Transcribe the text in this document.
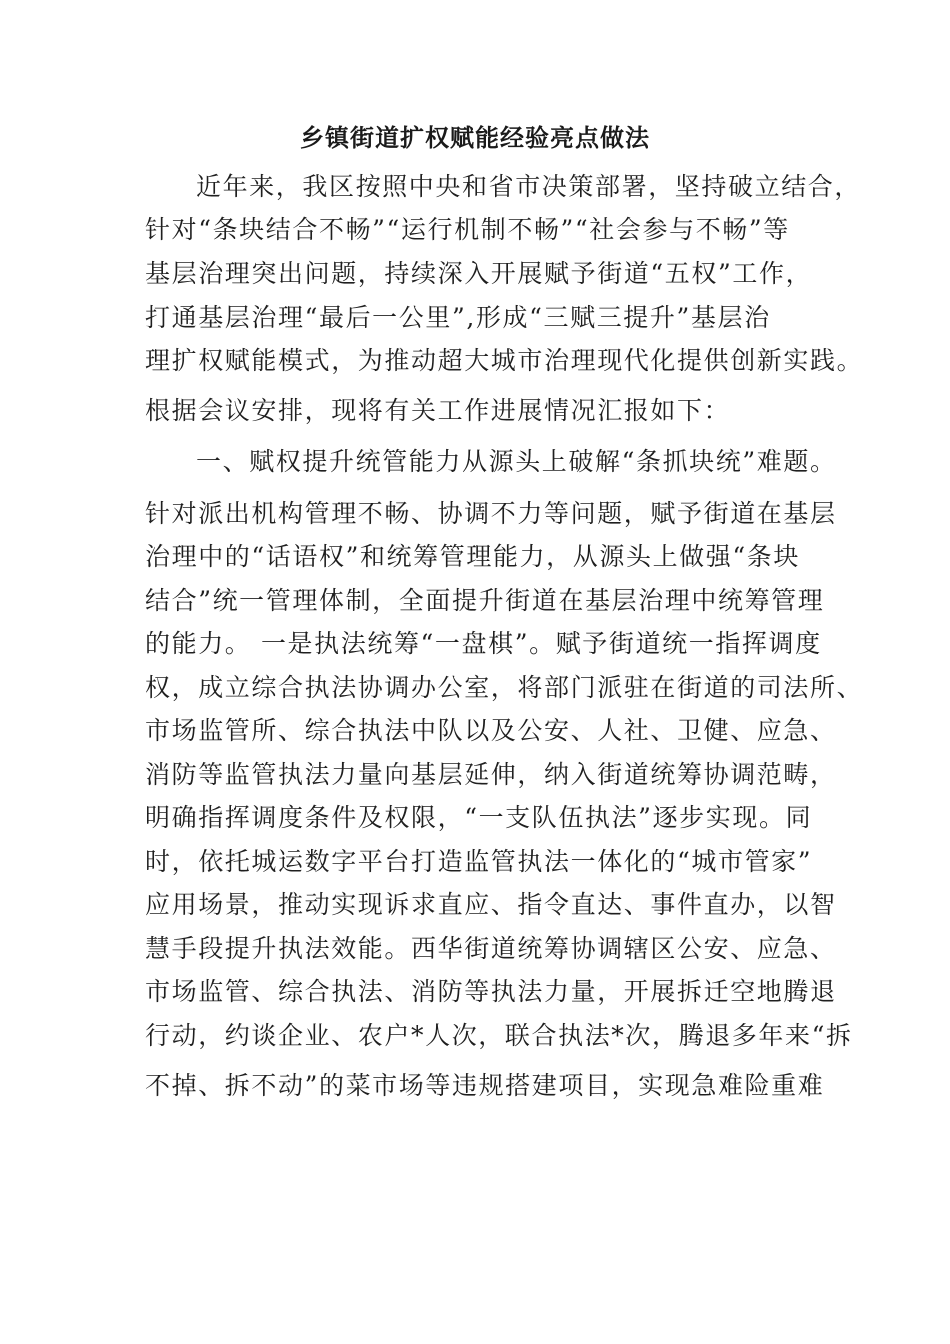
乡镇街道扩权赋能经验亮点做法
近年来，我区按照中央和省市决策部署，坚持破立结合，
针对“条块结合不畅”“运行机制不畅”“社会参与不畅”等
基层治理突出问题，持续深入开展赋予街道“五权”工作，
打通基层治理“最后一公里”,形成“三赋三提升”基层治
理扩权赋能模式，为推动超大城市治理现代化提供创新实践。
根据会议安排，现将有关工作进展情况汇报如下：
一、赋权提升统管能力从源头上破解“条抓块统”难题。
针对派出机构管理不畅、协调不力等问题，赋予街道在基层
治理中的“话语权”和统筹管理能力，从源头上做强“条块
结合”统一管理体制，全面提升街道在基层治理中统筹管理
的能力。 一是执法统筹“一盘棋”。赋予街道统一指挥调度
权，成立综合执法协调办公室，将部门派驻在街道的司法所、
市场监管所、综合执法中队以及公安、人社、卫健、应急、
消防等监管执法力量向基层延伸，纳入街道统筹协调范畴，
明确指挥调度条件及权限，“一支队伍执法”逐步实现。同
时，依托城运数字平台打造监管执法一体化的“城市管家”
应用场景，推动实现诉求直应、指令直达、事件直办，以智
慧手段提升执法效能。西华街道统筹协调辖区公安、应急、
市场监管、综合执法、消防等执法力量，开展拆迁空地腾退
行动，约谈企业、农户*人次，联合执法*次，腾退多年来“拆
不掉、拆不动”的菜市场等违规搭建项目，实现急难险重难
